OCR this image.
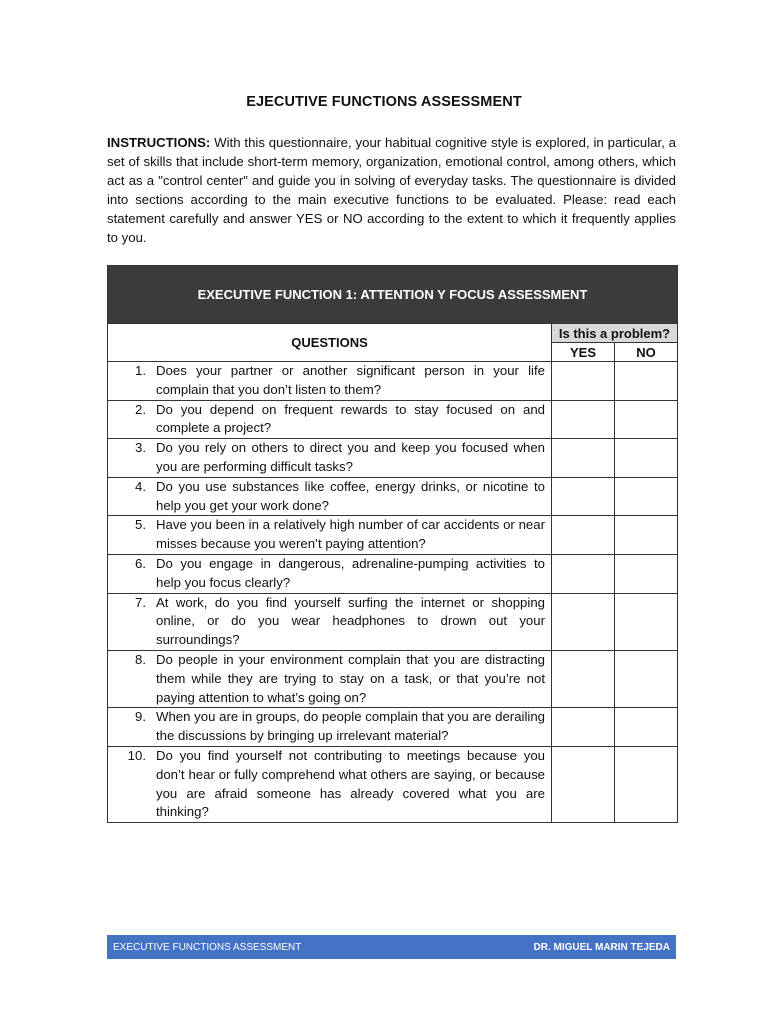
EJECUTIVE FUNCTIONS ASSESSMENT

INSTRUCTIONS: With this questionnaire, your habitual cognitive style is explored, in particular, a set of skills that include short-term memory, organization, emotional control, among others, which act as a "control center" and guide you in solving of everyday tasks. The questionnaire is divided into sections according to the main executive functions to be evaluated. Please: read each statement carefully and answer YES or NO according to the extent to which it frequently applies to you.

EXECUTIVE FUNCTION 1: ATTENTION Y FOCUS ASSESSMENT		
QUESTIONS	Is this a problem?	
	YES	NO

1. Does your partner or another significant person in your life complain that you don’t listen to them?		

2. Do you depend on frequent rewards to stay focused on and complete a project?		

3. Do you rely on others to direct you and keep you focused when you are performing difficult tasks?		

4. Do you use substances like coffee, energy drinks, or nicotine to help you get your work done?		

5. Have you been in a relatively high number of car accidents or near misses because you weren’t paying attention?		

6. Do you engage in dangerous, adrenaline-pumping activities to help you focus clearly?		

7. At work, do you find yourself surfing the internet or shopping online, or do you wear headphones to drown out your surroundings?		

8. Do people in your environment complain that you are distracting them while they are trying to stay on a task, or that you’re not paying attention to what’s going on?		

9. When you are in groups, do people complain that you are derailing the discussions by bringing up irrelevant material?		

10. Do you find yourself not contributing to meetings because you don’t hear or fully comprehend what others are saying, or because you are afraid someone has already covered what you are thinking?		

EXECUTIVE FUNCTIONS ASSESSMENT	DR. MIGUEL MARIN TEJEDA
